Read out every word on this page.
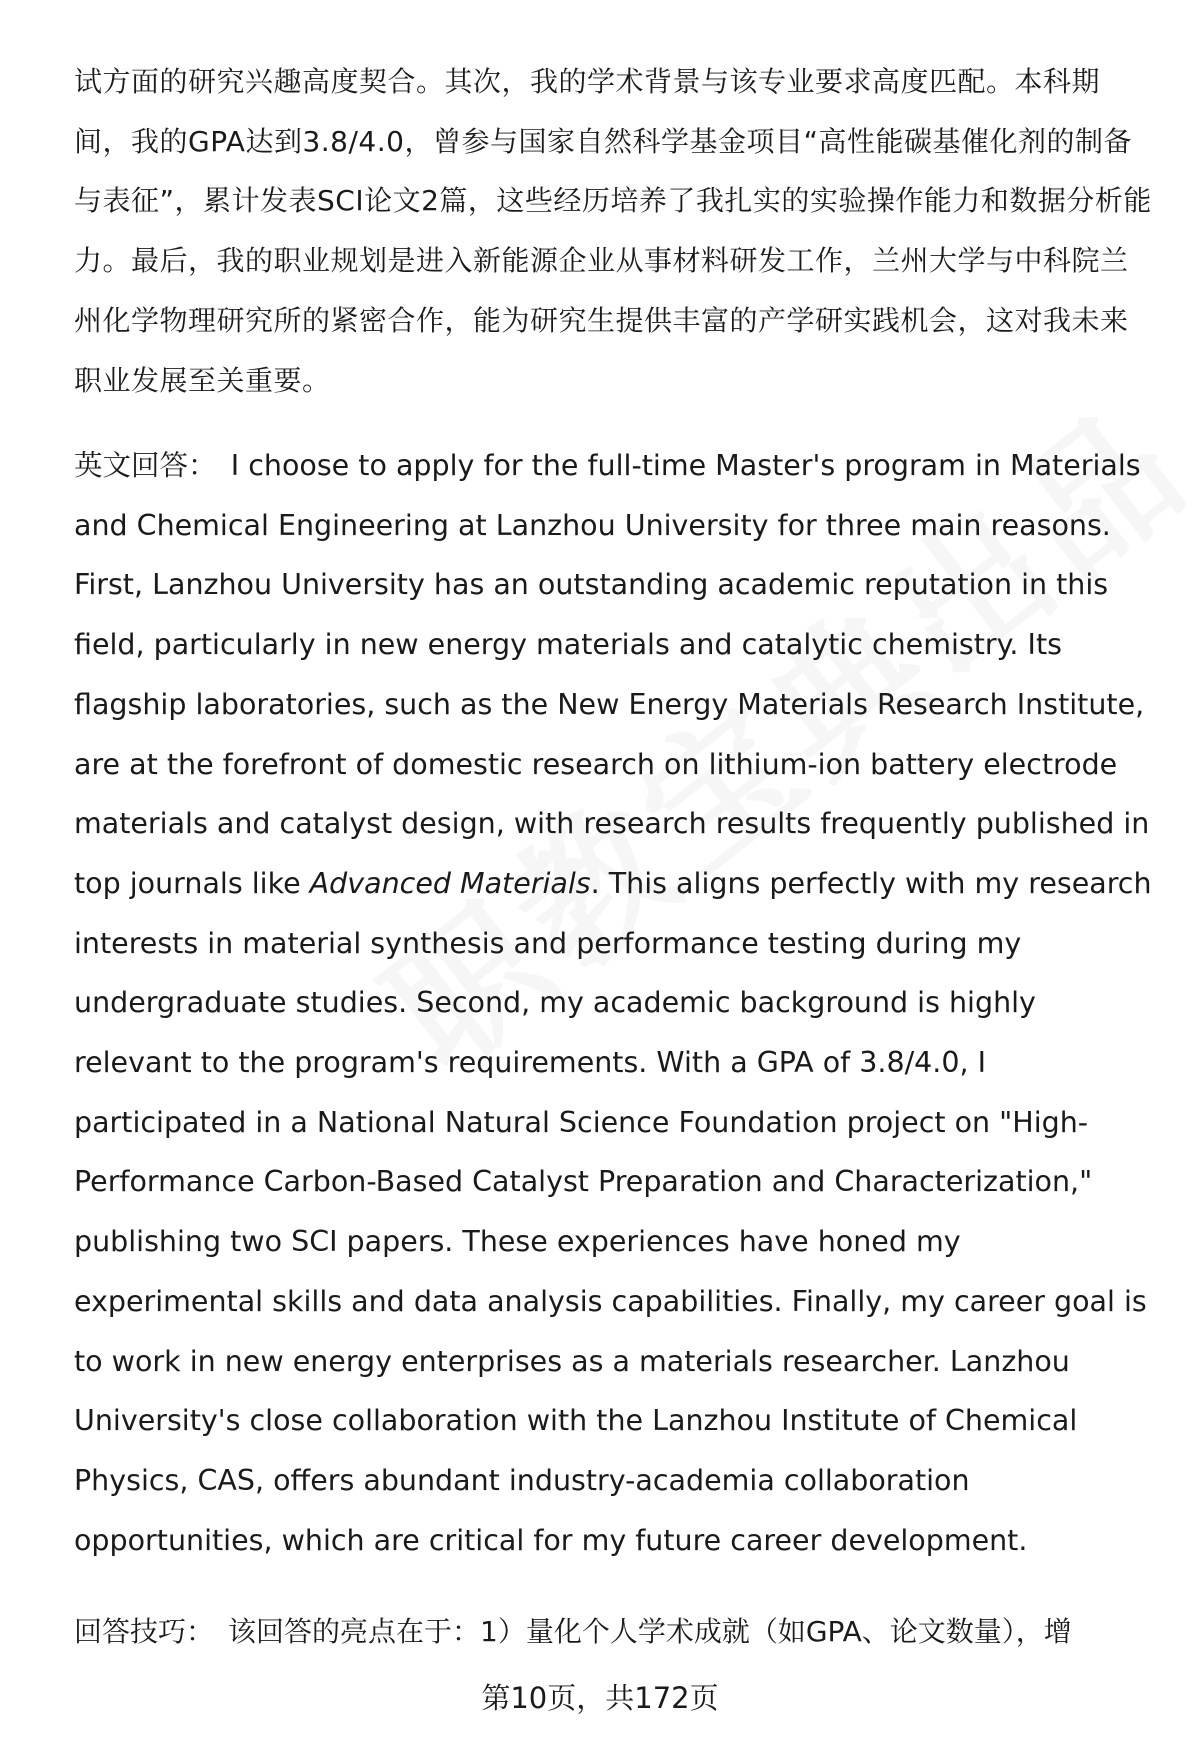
试方面的研究兴趣高度契合。其次，我的学术背景与该专业要求高度匹配。本科期间，我的GPA达到3.8/4.0，曾参与国家自然科学基金项目“高性能碳基催化剂的制备与表征”，累计发表SCI论文2篇，这些经历培养了我扎实的实验操作能力和数据分析能力。最后，我的职业规划是进入新能源企业从事材料研发工作，兰州大学与中科院兰州化学物理研究所的紧密合作，能为研究生提供丰富的产学研实践机会，这对我未来职业发展至关重要。

英文回答： I choose to apply for the full-time Master's program in Materials and Chemical Engineering at Lanzhou University for three main reasons. First, Lanzhou University has an outstanding academic reputation in this field, particularly in new energy materials and catalytic chemistry. Its flagship laboratories, such as the New Energy Materials Research Institute, are at the forefront of domestic research on lithium-ion battery electrode materials and catalyst design, with research results frequently published in top journals like Advanced Materials. This aligns perfectly with my research interests in material synthesis and performance testing during my undergraduate studies. Second, my academic background is highly relevant to the program's requirements. With a GPA of 3.8/4.0, I participated in a National Natural Science Foundation project on "High-Performance Carbon-Based Catalyst Preparation and Characterization," publishing two SCI papers. These experiences have honed my experimental skills and data analysis capabilities. Finally, my career goal is to work in new energy enterprises as a materials researcher. Lanzhou University's close collaboration with the Lanzhou Institute of Chemical Physics, CAS, offers abundant industry-academia collaboration opportunities, which are critical for my future career development.

回答技巧： 该回答的亮点在于：1）量化个人学术成就（如GPA、论文数量），增

第10页，共172页
